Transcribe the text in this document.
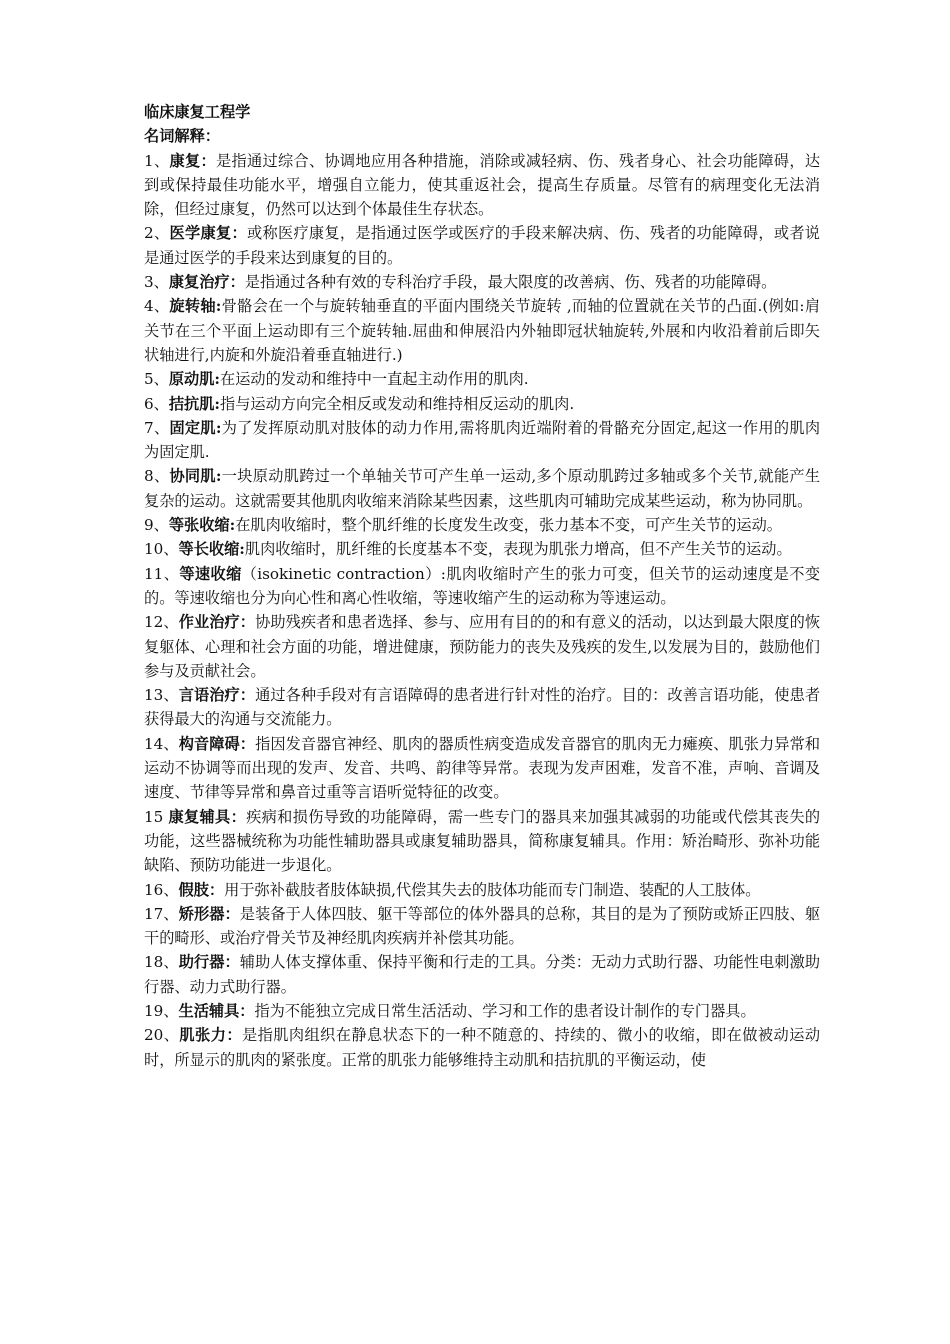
临床康复工程学

名词解释：

1、康复：是指通过综合、协调地应用各种措施，消除或减轻病、伤、残者身心、社会功能障碍，达到或保持最佳功能水平，增强自立能力，使其重返社会，提高生存质量。尽管有的病理变化无法消除，但经过康复，仍然可以达到个体最佳生存状态。

2、医学康复：或称医疗康复，是指通过医学或医疗的手段来解决病、伤、残者的功能障碍，或者说是通过医学的手段来达到康复的目的。

3、康复治疗：是指通过各种有效的专科治疗手段，最大限度的改善病、伤、残者的功能障碍。

4、旋转轴:骨骼会在一个与旋转轴垂直的平面内围绕关节旋转 ,而轴的位置就在关节的凸面.(例如:肩关节在三个平面上运动即有三个旋转轴.屈曲和伸展沿内外轴即冠状轴旋转,外展和内收沿着前后即矢状轴进行,内旋和外旋沿着垂直轴进行.)

5、原动肌:在运动的发动和维持中一直起主动作用的肌肉.

6、拮抗肌:指与运动方向完全相反或发动和维持相反运动的肌肉.

7、固定肌:为了发挥原动肌对肢体的动力作用,需将肌肉近端附着的骨骼充分固定,起这一作用的肌肉为固定肌.

8、协同肌:一块原动肌跨过一个单轴关节可产生单一运动,多个原动肌跨过多轴或多个关节,就能产生复杂的运动。这就需要其他肌肉收缩来消除某些因素，这些肌肉可辅助完成某些运动，称为协同肌。

9、等张收缩:在肌肉收缩时，整个肌纤维的长度发生改变，张力基本不变，可产生关节的运动。

10、等长收缩:肌肉收缩时，肌纤维的长度基本不变，表现为肌张力增高，但不产生关节的运动。

11、等速收缩（isokinetic contraction）:肌肉收缩时产生的张力可变，但关节的运动速度是不变的。等速收缩也分为向心性和离心性收缩，等速收缩产生的运动称为等速运动。

12、作业治疗：协助残疾者和患者选择、参与、应用有目的的和有意义的活动，以达到最大限度的恢复躯体、心理和社会方面的功能，增进健康，预防能力的丧失及残疾的发生,以发展为目的，鼓励他们参与及贡献社会。

13、言语治疗：通过各种手段对有言语障碍的患者进行针对性的治疗。目的：改善言语功能，使患者获得最大的沟通与交流能力。

14、构音障碍：指因发音器官神经、肌肉的器质性病变造成发音器官的肌肉无力瘫痪、肌张力异常和运动不协调等而出现的发声、发音、共鸣、韵律等异常。表现为发声困难，发音不准，声响、音调及速度、节律等异常和鼻音过重等言语听觉特征的改变。

15 康复辅具：疾病和损伤导致的功能障碍，需一些专门的器具来加强其减弱的功能或代偿其丧失的功能，这些器械统称为功能性辅助器具或康复辅助器具，简称康复辅具。作用：矫治畸形、弥补功能缺陷、预防功能进一步退化。

16、假肢：用于弥补截肢者肢体缺损,代偿其失去的肢体功能而专门制造、装配的人工肢体。

17、矫形器：是装备于人体四肢、躯干等部位的体外器具的总称，其目的是为了预防或矫正四肢、躯干的畸形、或治疗骨关节及神经肌肉疾病并补偿其功能。

18、助行器：辅助人体支撑体重、保持平衡和行走的工具。分类：无动力式助行器、功能性电刺激助行器、动力式助行器。

19、生活辅具：指为不能独立完成日常生活活动、学习和工作的患者设计制作的专门器具。

20、肌张力：是指肌肉组织在静息状态下的一种不随意的、持续的、微小的收缩，即在做被动运动时，所显示的肌肉的紧张度。正常的肌张力能够维持主动肌和拮抗肌的平衡运动，使
